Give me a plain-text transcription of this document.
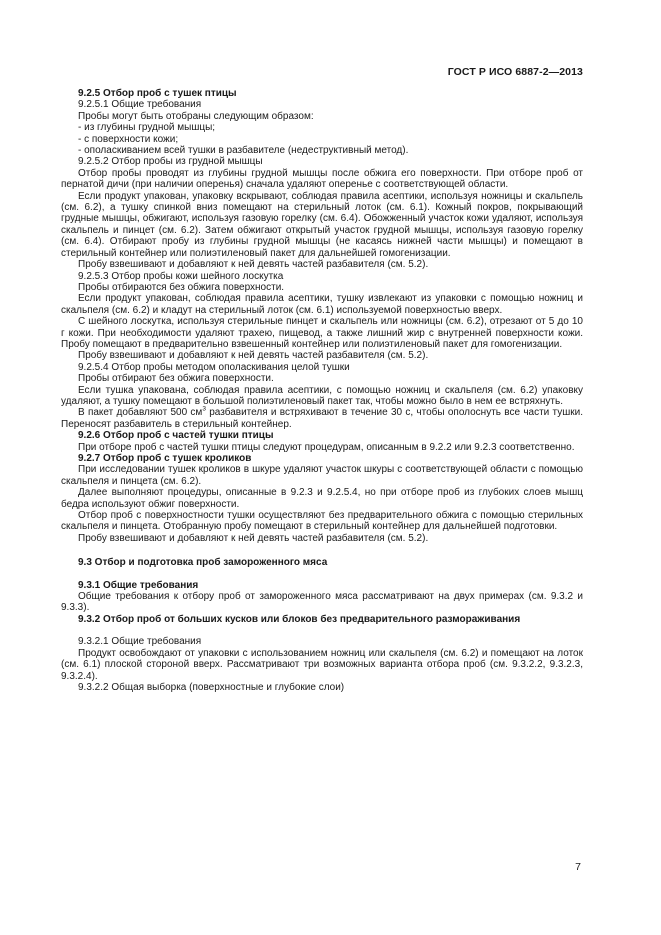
ГОСТ Р ИСО 6887-2—2013

9.2.5 Отбор проб с тушек птицы

9.2.5.1 Общие требования

Пробы могут быть отобраны следующим образом:

- из глубины грудной мышцы;

- с поверхности кожи;

- ополаскиванием всей тушки в разбавителе (недеструктивный метод).

9.2.5.2 Отбор пробы из грудной мышцы

Отбор пробы проводят из глубины грудной мышцы после обжига его поверхности. При отборе проб от пернатой дичи (при наличии оперенья) сначала удаляют оперенье с соответствующей области.

Если продукт упакован, упаковку вскрывают, соблюдая правила асептики, используя ножницы и скальпель (см. 6.2), а тушку спинкой вниз помещают на стерильный лоток (см. 6.1). Кожный покров, покрывающий грудные мышцы, обжигают, используя газовую горелку (см. 6.4). Обожженный участок кожи удаляют, используя скальпель и пинцет (см. 6.2). Затем обжигают открытый участок грудной мышцы, используя газовую горелку (см. 6.4). Отбирают пробу из глубины грудной мышцы (не касаясь нижней части мышцы) и помещают в стерильный контейнер или полиэтиленовый пакет для дальнейшей гомогенизации.

Пробу взвешивают и добавляют к ней девять частей разбавителя (см. 5.2).

9.2.5.3 Отбор пробы кожи шейного лоскутка

Пробы отбираются без обжига поверхности.

Если продукт упакован, соблюдая правила асептики, тушку извлекают из упаковки с помощью ножниц и скальпеля (см. 6.2) и кладут на стерильный лоток (см. 6.1) используемой поверхностью вверх.

С шейного лоскутка, используя стерильные пинцет и скальпель или ножницы (см. 6.2), отрезают от 5 до 10 г кожи. При необходимости удаляют трахею, пищевод, а также лишний жир с внутренней поверхности кожи. Пробу помещают в предварительно взвешенный контейнер или полиэтиленовый пакет для гомогенизации.

Пробу взвешивают и добавляют к ней девять частей разбавителя (см. 5.2).

9.2.5.4 Отбор пробы методом ополаскивания целой тушки

Пробы отбирают без обжига поверхности.

Если тушка упакована, соблюдая правила асептики, с помощью ножниц и скальпеля (см. 6.2) упаковку удаляют, а тушку помещают в большой полиэтиленовый пакет так, чтобы можно было в нем ее встряхнуть.

В пакет добавляют 500 $см^3$ разбавителя и встряхивают в течение 30 с, чтобы ополоснуть все части тушки. Переносят разбавитель в стерильный контейнер.

9.2.6 Отбор проб с частей тушки птицы

При отборе проб с частей тушки птицы следуют процедурам, описанным в 9.2.2 или 9.2.3 соответственно.

9.2.7 Отбор проб с тушек кроликов

При исследовании тушек кроликов в шкуре удаляют участок шкуры с соответствующей области с помощью скальпеля и пинцета (см. 6.2).

Далее выполняют процедуры, описанные в 9.2.3 и 9.2.5.4, но при отборе проб из глубоких слоев мышц бедра используют обжиг поверхности.

Отбор проб с поверхностности тушки осуществляют без предварительного обжига с помощью стерильных скальпеля и пинцета. Отобранную пробу помещают в стерильный контейнер для дальнейшей подготовки.

Пробу взвешивают и добавляют к ней девять частей разбавителя (см. 5.2).

9.3 Отбор и подготовка проб замороженного мяса

9.3.1 Общие требования

Общие требования к отбору проб от замороженного мяса рассматривают на двух примерах (см. 9.3.2 и 9.3.3).

9.3.2 Отбор проб от больших кусков или блоков без предварительного размораживания

9.3.2.1 Общие требования

Продукт освобождают от упаковки с использованием ножниц или скальпеля (см. 6.2) и помещают на лоток (см. 6.1) плоской стороной вверх. Рассматривают три возможных варианта отбора проб (см. 9.3.2.2, 9.3.2.3, 9.3.2.4).

9.3.2.2 Общая выборка (поверхностные и глубокие слои)

7
